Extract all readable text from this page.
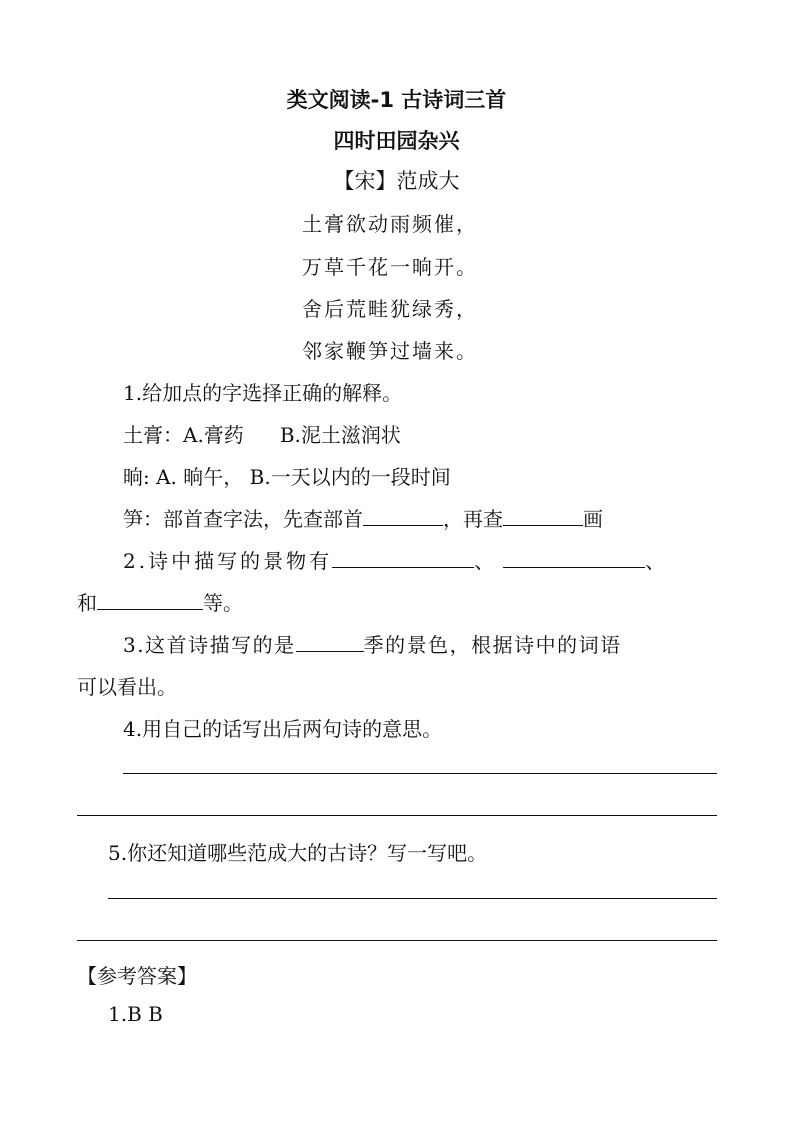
类文阅读-1 古诗词三首
四时田园杂兴
【宋】范成大
土膏欲动雨频催，
万草千花一晌开。
舍后荒畦犹绿秀，
邻家鞭笋过墙来。
1.给加点的字选择正确的解释。
土膏：A.膏药 B.泥土滋润状
晌: A. 晌午， B.一天以内的一段时间
笋：部首查字法，先查部首	，再查	画
2.诗中描写的景物有	、	、
和	等。
3.这首诗描写的是	季的景色，根据诗中的词语
可以看出。
4.用自己的话写出后两句诗的意思。
5.你还知道哪些范成大的古诗？写一写吧。
【参考答案】
1.B B
